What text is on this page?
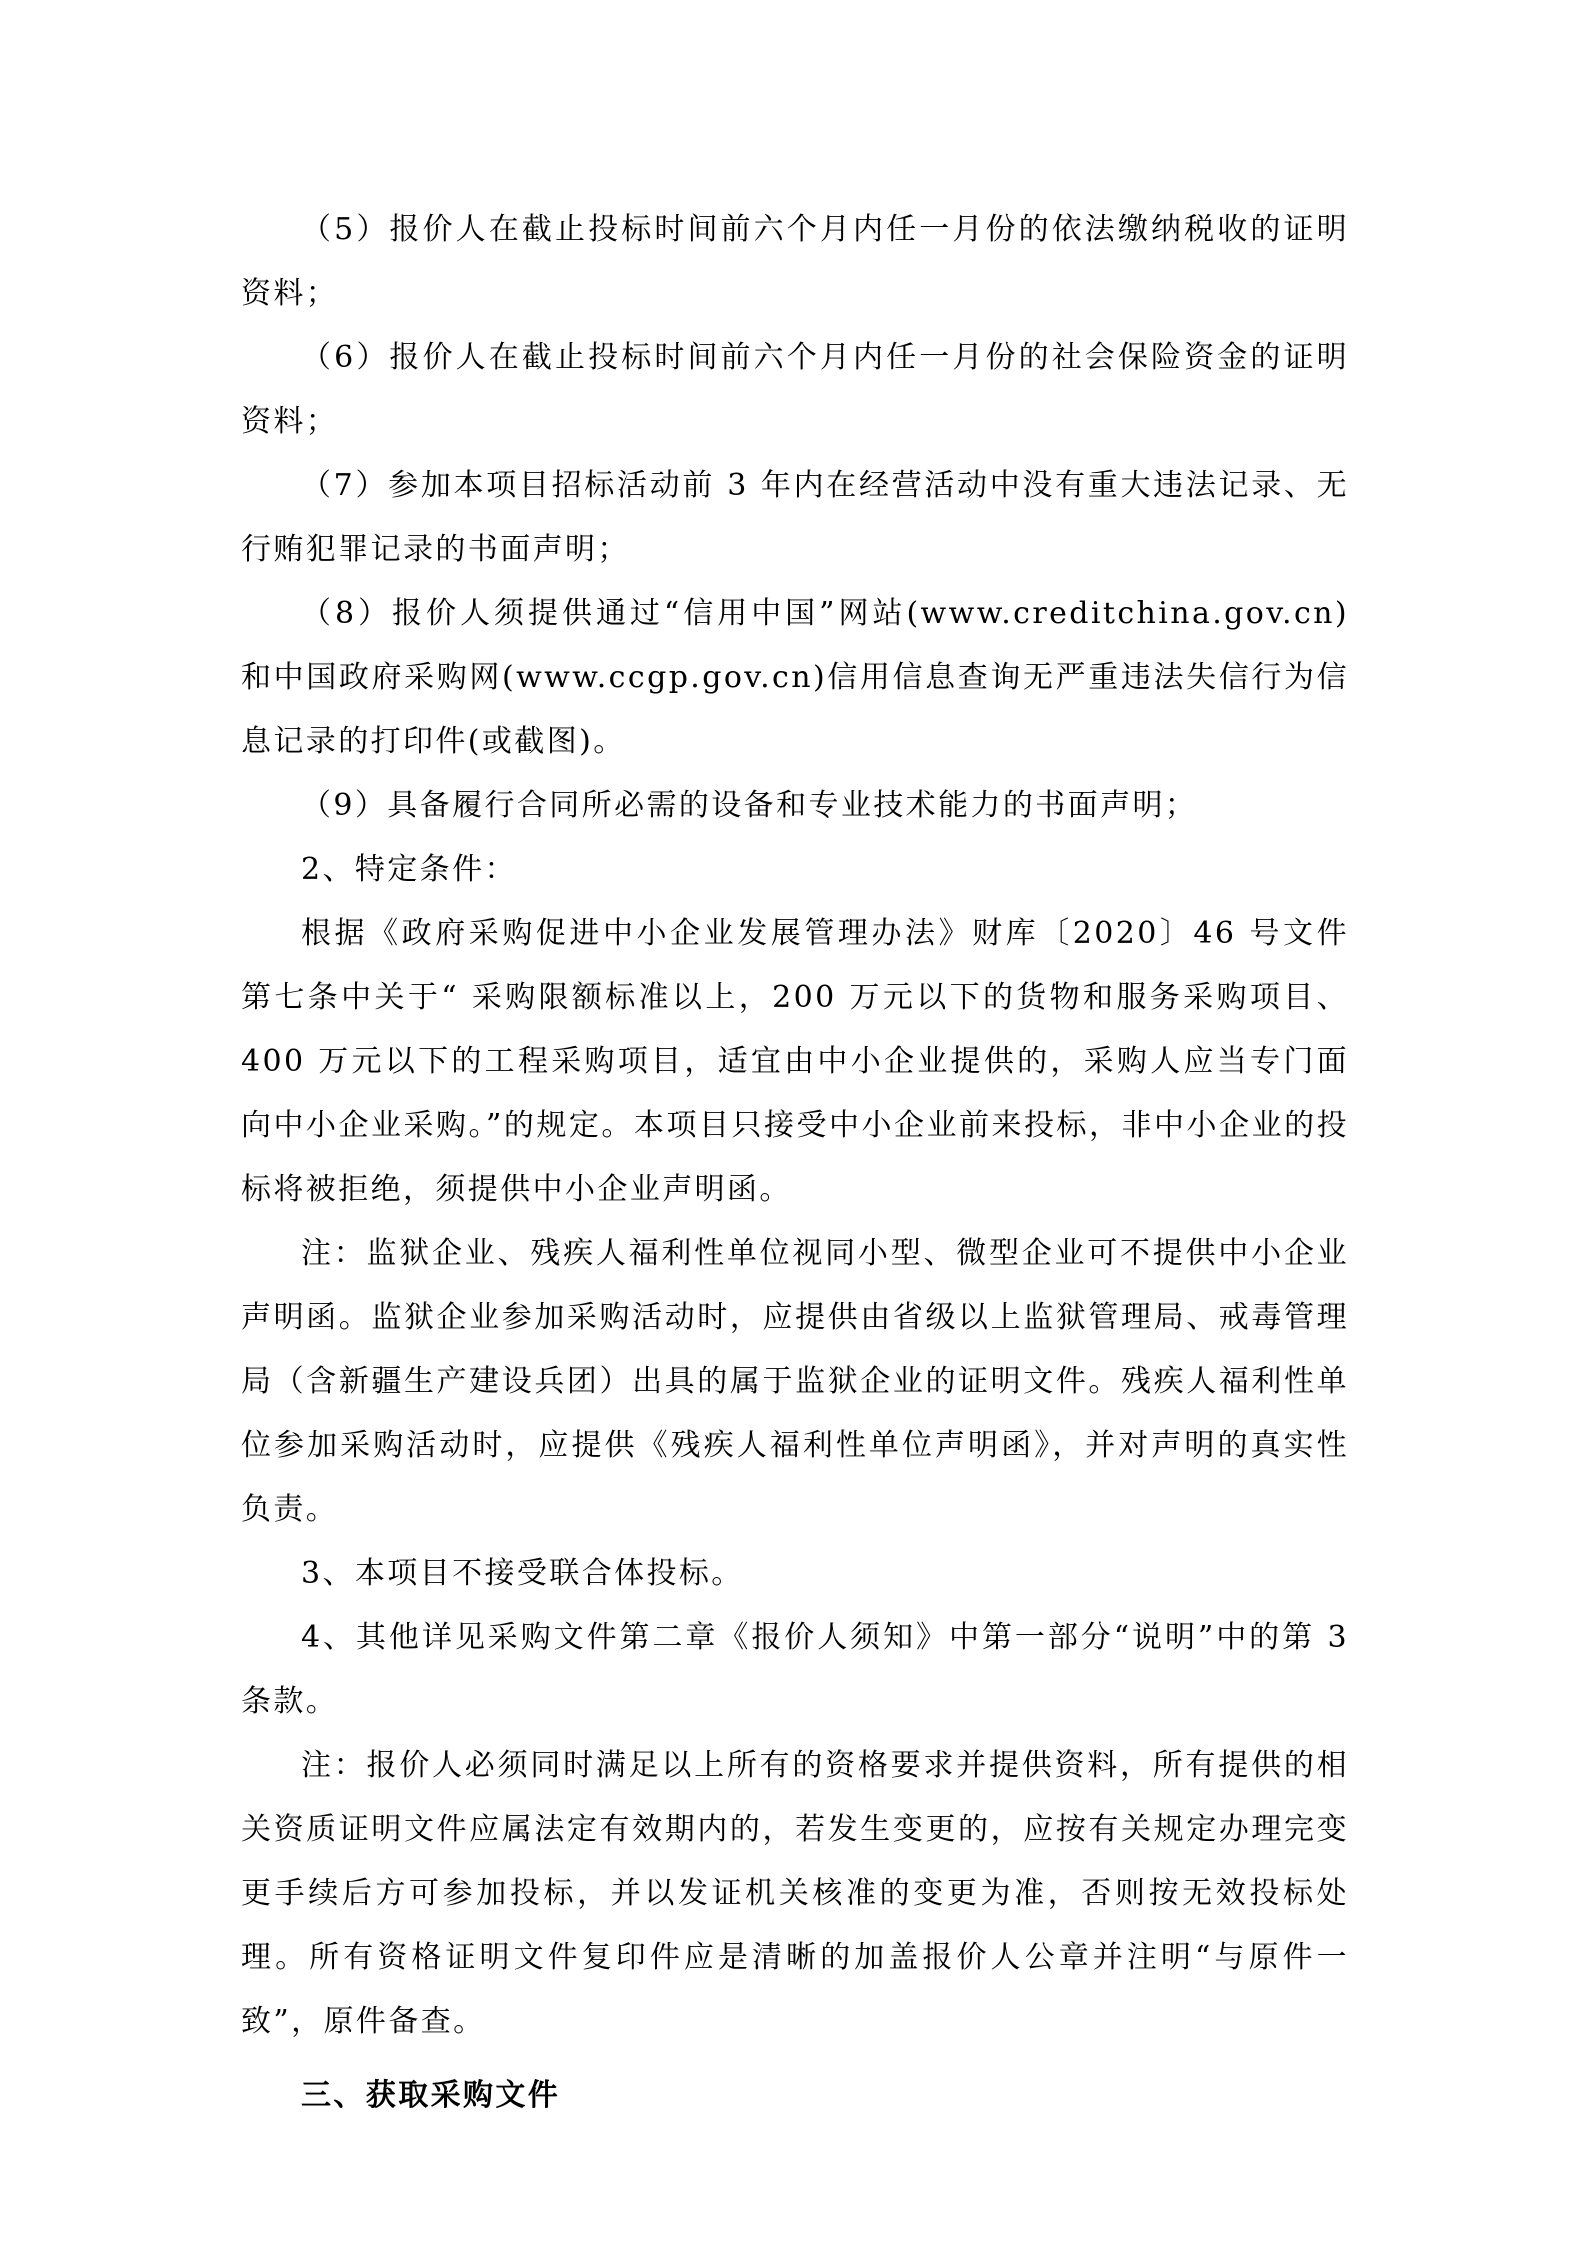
（5）报价人在截止投标时间前六个月内任一月份的依法缴纳税收的证明资料；

（6）报价人在截止投标时间前六个月内任一月份的社会保险资金的证明资料；

（7）参加本项目招标活动前 3 年内在经营活动中没有重大违法记录、无行贿犯罪记录的书面声明；

（8）报价人须提供通过“信用中国”网站(www.creditchina.gov.cn)和中国政府采购网(www.ccgp.gov.cn)信用信息查询无严重违法失信行为信息记录的打印件(或截图)。

（9）具备履行合同所必需的设备和专业技术能力的书面声明；

2、特定条件：

根据《政府采购促进中小企业发展管理办法》财库〔2020〕46 号文件第七条中关于“ 采购限额标准以上，200 万元以下的货物和服务采购项目、400 万元以下的工程采购项目，适宜由中小企业提供的，采购人应当专门面向中小企业采购。”的规定。本项目只接受中小企业前来投标，非中小企业的投标将被拒绝，须提供中小企业声明函。

注：监狱企业、残疾人福利性单位视同小型、微型企业可不提供中小企业声明函。监狱企业参加采购活动时，应提供由省级以上监狱管理局、戒毒管理局（含新疆生产建设兵团）出具的属于监狱企业的证明文件。残疾人福利性单位参加采购活动时，应提供《残疾人福利性单位声明函》，并对声明的真实性负责。

3、本项目不接受联合体投标。

4、其他详见采购文件第二章《报价人须知》中第一部分“说明”中的第 3 条款。

注：报价人必须同时满足以上所有的资格要求并提供资料，所有提供的相关资质证明文件应属法定有效期内的，若发生变更的，应按有关规定办理完变更手续后方可参加投标，并以发证机关核准的变更为准，否则按无效投标处理。所有资格证明文件复印件应是清晰的加盖报价人公章并注明“与原件一致”，原件备查。

三、获取采购文件
